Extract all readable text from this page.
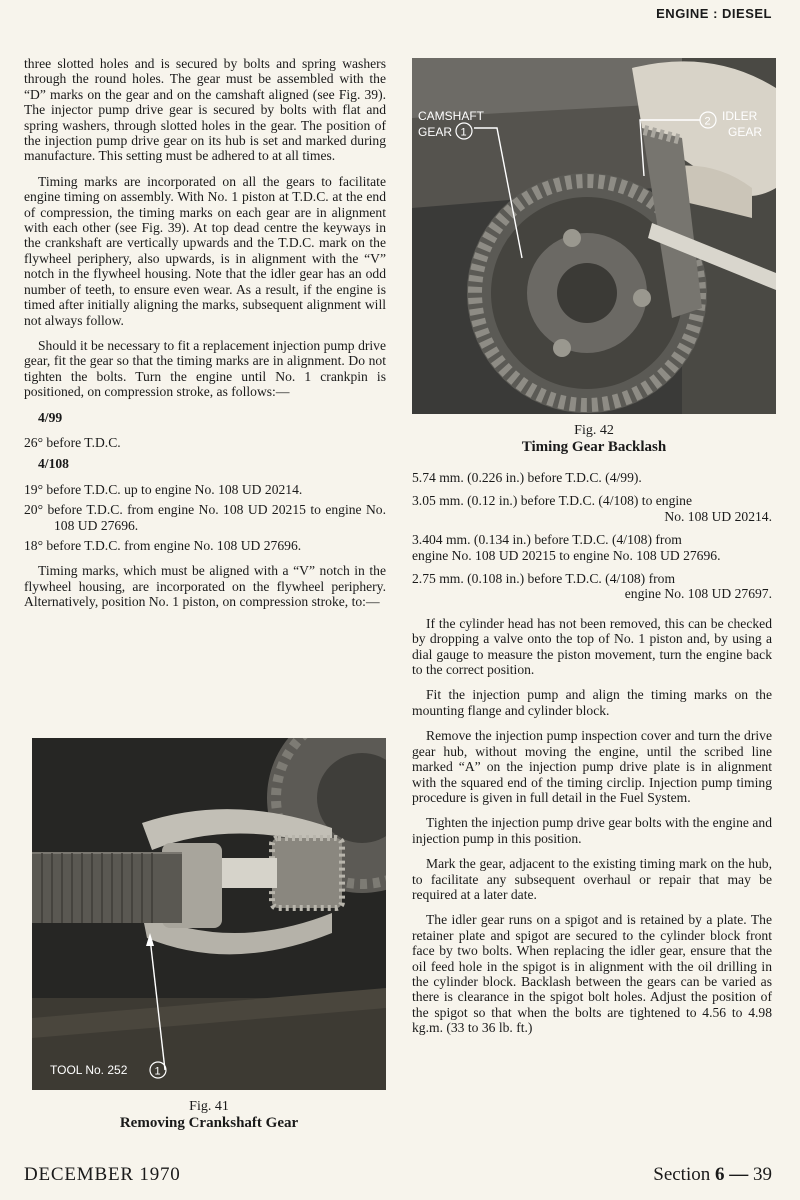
ENGINE : DIESEL

three slotted holes and is secured by bolts and spring washers through the round holes. The gear must be assembled with the “D” marks on the gear and on the camshaft aligned (see Fig. 39). The injector pump drive gear is secured by bolts with flat and spring washers, through slotted holes in the gear. The position of the injection pump drive gear on its hub is set and marked during manufacture. This setting must be adhered to at all times.

Timing marks are incorporated on all the gears to facilitate engine timing on assembly. With No. 1 piston at T.D.C. at the end of compression, the timing marks on each gear are in alignment with each other (see Fig. 39). At top dead centre the keyways in the crankshaft are vertically upwards and the T.D.C. mark on the flywheel periphery, also upwards, is in alignment with the “V” notch in the flywheel housing. Note that the idler gear has an odd number of teeth, to ensure even wear. As a result, if the engine is timed after initially aligning the marks, subsequent alignment will not always follow.

Should it be necessary to fit a replacement injection pump drive gear, fit the gear so that the timing marks are in alignment. Do not tighten the bolts. Turn the engine until No. 1 crankpin is positioned, on compression stroke, as follows:—

4/99

26° before T.D.C.

4/108

19° before T.D.C. up to engine No. 108 UD 20214.

20° before T.D.C. from engine No. 108 UD 20215 to engine No. 108 UD 27696.

18° before T.D.C. from engine No. 108 UD 27696.

Timing marks, which must be aligned with a “V” notch in the flywheel housing, are incorporated on the flywheel periphery. Alternatively, position No. 1 piston, on compression stroke, to:—

CAMSHAFT
GEAR 1
2 IDLER
GEAR
Fig. 42
Timing Gear Backlash

5.74 mm. (0.226 in.) before T.D.C. (4/99).

3.05 mm. (0.12 in.) before T.D.C. (4/108) to engine
No. 108 UD 20214.

3.404 mm. (0.134 in.) before T.D.C. (4/108) from
engine No. 108 UD 20215 to engine No. 108 UD 27696.

2.75 mm. (0.108 in.) before T.D.C. (4/108) from
engine No. 108 UD 27697.

If the cylinder head has not been removed, this can be checked by dropping a valve onto the top of No. 1 piston and, by using a dial gauge to measure the piston movement, turn the engine back to the correct position.

Fit the injection pump and align the timing marks on the mounting flange and cylinder block.

Remove the injection pump inspection cover and turn the drive gear hub, without moving the engine, until the scribed line marked “A” on the injection pump drive plate is in alignment with the squared end of the timing circlip. Injection pump timing procedure is given in full detail in the Fuel System.

Tighten the injection pump drive gear bolts with the engine and injection pump in this position.

Mark the gear, adjacent to the existing timing mark on the hub, to facilitate any subsequent overhaul or repair that may be required at a later date.

The idler gear runs on a spigot and is retained by a plate. The retainer plate and spigot are secured to the cylinder block front face by two bolts. When replacing the idler gear, ensure that the oil feed hole in the spigot is in alignment with the oil drilling in the cylinder block. Backlash between the gears can be varied as there is clearance in the spigot bolt holes. Adjust the position of the spigot so that when the bolts are tightened to 4.56 to 4.98 kg.m. (33 to 36 lb. ft.)

TOOL No. 252 1
Fig. 41
Removing Crankshaft Gear
DECEMBER 1970	Section 6 — 39
